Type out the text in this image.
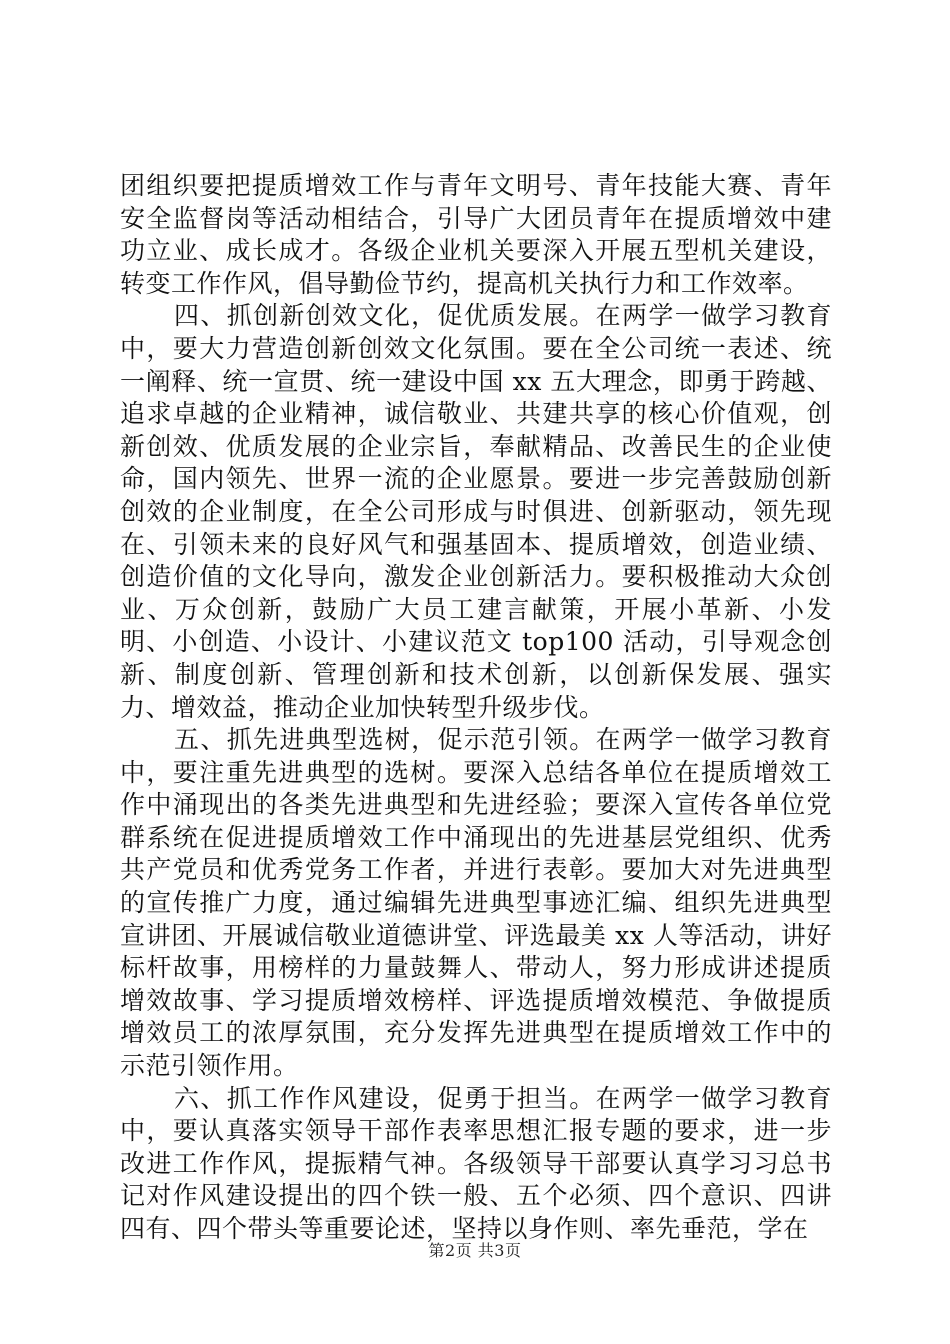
团组织要把提质增效工作与青年文明号、青年技能大赛、青年安全监督岗等活动相结合，引导广大团员青年在提质增效中建功立业、成长成才。各级企业机关要深入开展五型机关建设，转变工作作风，倡导勤俭节约，提高机关执行力和工作效率。

四、抓创新创效文化，促优质发展。在两学一做学习教育中，要大力营造创新创效文化氛围。要在全公司统一表述、统一阐释、统一宣贯、统一建设中国 xx 五大理念，即勇于跨越、追求卓越的企业精神，诚信敬业、共建共享的核心价值观，创新创效、优质发展的企业宗旨，奉献精品、改善民生的企业使命，国内领先、世界一流的企业愿景。要进一步完善鼓励创新创效的企业制度，在全公司形成与时俱进、创新驱动，领先现在、引领未来的良好风气和强基固本、提质增效，创造业绩、创造价值的文化导向，激发企业创新活力。要积极推动大众创业、万众创新，鼓励广大员工建言献策，开展小革新、小发明、小创造、小设计、小建议范文 top100 活动，引导观念创新、制度创新、管理创新和技术创新，以创新保发展、强实力、增效益，推动企业加快转型升级步伐。

五、抓先进典型选树，促示范引领。在两学一做学习教育中，要注重先进典型的选树。要深入总结各单位在提质增效工作中涌现出的各类先进典型和先进经验；要深入宣传各单位党群系统在促进提质增效工作中涌现出的先进基层党组织、优秀共产党员和优秀党务工作者，并进行表彰。要加大对先进典型的宣传推广力度，通过编辑先进典型事迹汇编、组织先进典型宣讲团、开展诚信敬业道德讲堂、评选最美 xx 人等活动，讲好标杆故事，用榜样的力量鼓舞人、带动人，努力形成讲述提质增效故事、学习提质增效榜样、评选提质增效模范、争做提质增效员工的浓厚氛围，充分发挥先进典型在提质增效工作中的示范引领作用。

六、抓工作作风建设，促勇于担当。在两学一做学习教育中，要认真落实领导干部作表率思想汇报专题的要求，进一步改进工作作风，提振精气神。各级领导干部要认真学习习总书记对作风建设提出的四个铁一般、五个必须、四个意识、四讲四有、四个带头等重要论述，坚持以身作则、率先垂范，学在

第2页 共3页
